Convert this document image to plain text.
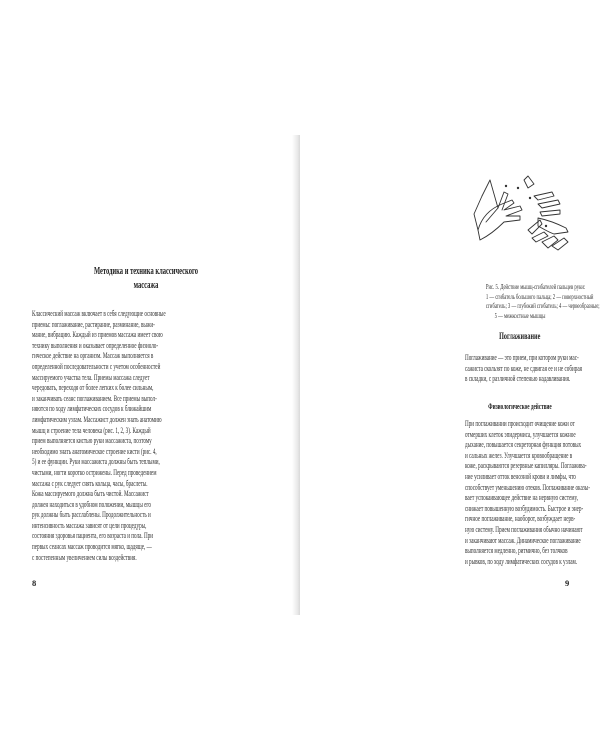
Методика и техника классического
массажа
Классический массаж включает в себя следующие основные
приемы: поглаживание, растирание, разминание, выжи-
мание, вибрацию. Каждый из приемов массажа имеет свою
технику выполнения и оказывает определенное физиоло-
гическое действие на организм. Массаж выполняется в
определенной последовательности с учетом особенностей
массируемого участка тела. Приемы массажа следует
чередовать, переходя от более легких к более сильным,
и заканчивать сеанс поглаживанием. Все приемы выпол-
няются по ходу лимфатических сосудов к ближайшим
лимфатическим узлам. Массажист должен знать анатомию
мышц и строение тела человека (рис. 1, 2, 3). Каждый
прием выполняется кистью руки массажиста, поэтому
необходимо знать анатомическое строение кисти (рис. 4,
5) и ее функции. Руки массажиста должны быть теплыми,
чистыми, ногти коротко острижены. Перед проведением
массажа с рук следует снять кольца, часы, браслеты.
Кожа массируемого должна быть чистой. Массажист
должен находиться в удобном положении, мышцы его
рук должны быть расслаблены. Продолжительность и
интенсивность массажа зависят от цели процедуры,
состояния здоровья пациента, его возраста и пола. При
первых сеансах массаж проводится мягко, щадяще, —
с постепенным увеличением силы воздействия.
8
Рис. 5. Действие мышц-сгибателей пальцев руки:
1 — сгибатель большого пальца; 2 — поверхностный
сгибатель; 3 — глубокий сгибатель; 4 — червеобразные;
5 — межкостные мышцы
Поглаживание
Поглаживание — это прием, при котором руки мас-
сажиста скользят по коже, не сдвигая ее и не собирая
в складки, с различной степенью надавливания.
Физиологическое действие
При поглаживании происходит очищение кожи от
отмерших клеток эпидермиса, улучшается кожное
дыхание, повышается секреторная функция потовых
и сальных желез. Улучшается кровообращение в
коже, раскрываются резервные капилляры. Поглажива-
ние усиливает отток венозной крови и лимфы, что
способствует уменьшению отеков. Поглаживание оказы-
вает успокаивающее действие на нервную систему,
снижает повышенную возбудимость. Быстрое и энер-
гичное поглаживание, наоборот, возбуждает нерв-
ную систему. Прием поглаживания обычно начинают
и заканчивают массаж. Динамическое поглаживание
выполняется медленно, ритмично, без толчков
и рывков, по ходу лимфатических сосудов к узлам.
9
